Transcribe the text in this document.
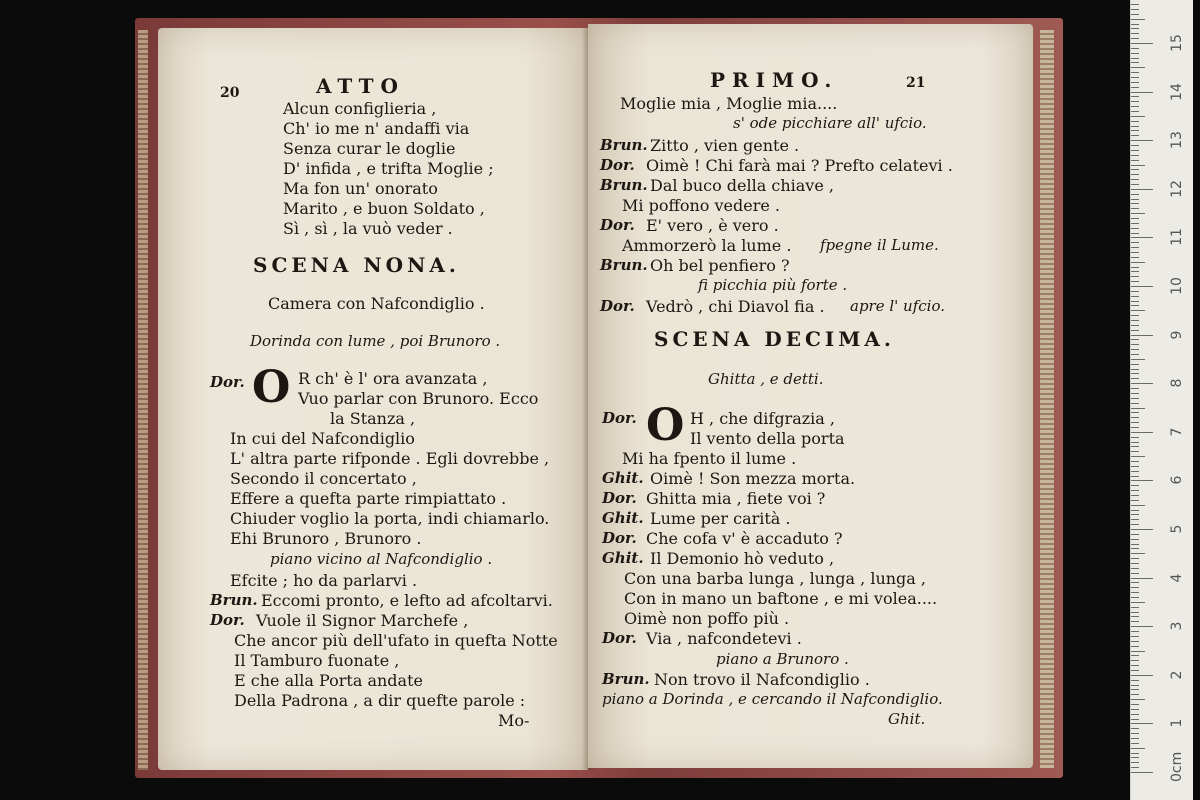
20	ATTO
Alcun configlieria ,
Ch' io me n' andaffi via
Senza curar le doglie
D' infida , e trifta Moglie ;
Ma fon un' onorato
Marito , e buon Soldato ,
Sì , sì , la vuò veder .
SCENA NONA.
Camera con Nafcondiglio .
Dorinda con lume , poi Brunoro .
Dor. O R ch' è l' ora avanzata ,
Vuo parlar con Brunoro. Ecco
la Stanza ,
In cui del Nafcondiglio
L' altra parte rifponde . Egli dovrebbe ,
Secondo il concertato ,
Effere a quefta parte rimpiattato .
Chiuder voglio la porta, indi chiamarlo.
Ehi Brunoro , Brunoro .
piano vicino al Nafcondiglio .
Efcite ; ho da parlarvi .
Brun. Eccomi pronto, e lefto ad afcoltarvi.
Dor. Vuole il Signor Marchefe ,
Che ancor più dell'ufato in quefta Notte
Il Tamburo fuonate ,
E che alla Porta andate
Della Padrona , a dir quefte parole :
Mo-
PRIMO.	21
Moglie mia , Moglie mia....
s' ode picchiare all' ufcio.
Brun. Zitto , vien gente .
Dor. Oimè ! Chi farà mai ? Prefto celatevi .
Brun. Dal buco della chiave ,
Mi poffono vedere .
Dor. E' vero , è vero .
Ammorzerò la lume . fpegne il Lume.
Brun. Oh bel penfiero ?
fi picchia più forte .
Dor. Vedrò , chi Diavol fia . apre l' ufcio.
SCENA DECIMA.
Ghitta , e detti.
Dor. O H , che difgrazia ,
Il vento della porta
Mi ha fpento il lume .
Ghit. Oimè ! Son mezza morta.
Dor. Ghitta mia , fiete voi ?
Ghit. Lume per carità .
Dor. Che cofa v' è accaduto ?
Ghit. Il Demonio hò veduto ,
Con una barba lunga , lunga , lunga ,
Con in mano un baftone , e mi volea....
Oimè non poffo più .
Dor. Via , nafcondetevi .
piano a Brunoro .
Brun. Non trovo il Nafcondiglio .
piano a Dorinda , e cercando il Nafcondiglio.
Ghit.
0cm
1
2
3
4
5
6
7
8
9
10
11
12
13
14
15
